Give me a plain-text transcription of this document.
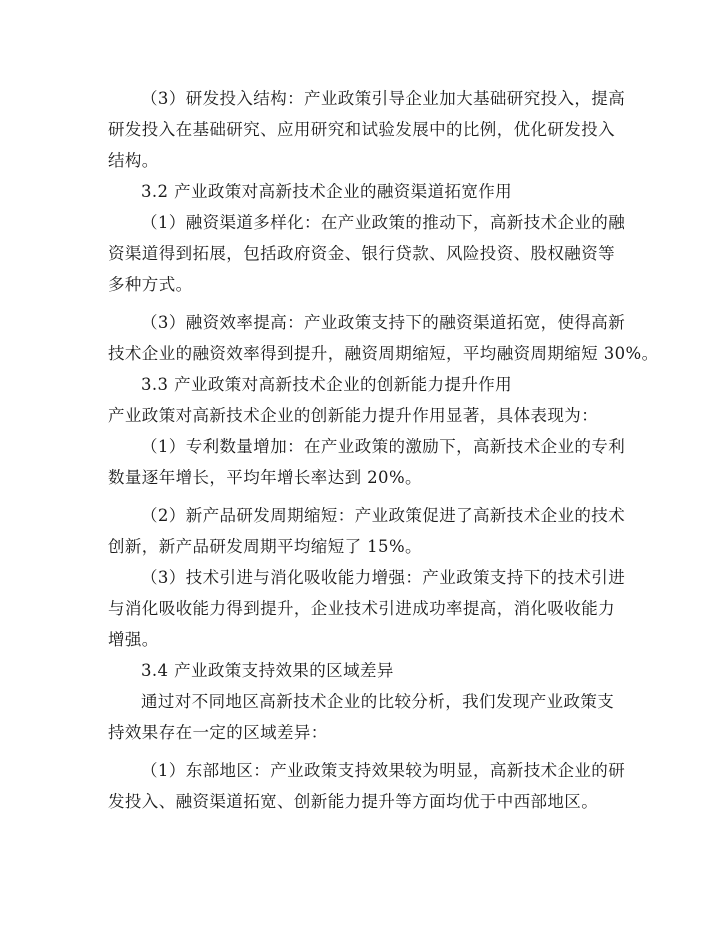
（3）研发投入结构：产业政策引导企业加大基础研究投入，提高
研发投入在基础研究、应用研究和试验发展中的比例，优化研发投入
结构。
3.2 产业政策对高新技术企业的融资渠道拓宽作用
（1）融资渠道多样化：在产业政策的推动下，高新技术企业的融
资渠道得到拓展，包括政府资金、银行贷款、风险投资、股权融资等
多种方式。
（3）融资效率提高：产业政策支持下的融资渠道拓宽，使得高新
技术企业的融资效率得到提升，融资周期缩短，平均融资周期缩短 30%。
3.3 产业政策对高新技术企业的创新能力提升作用
产业政策对高新技术企业的创新能力提升作用显著，具体表现为：
（1）专利数量增加：在产业政策的激励下，高新技术企业的专利
数量逐年增长，平均年增长率达到 20%。
（2）新产品研发周期缩短：产业政策促进了高新技术企业的技术
创新，新产品研发周期平均缩短了 15%。
（3）技术引进与消化吸收能力增强：产业政策支持下的技术引进
与消化吸收能力得到提升，企业技术引进成功率提高，消化吸收能力
增强。
3.4 产业政策支持效果的区域差异
通过对不同地区高新技术企业的比较分析，我们发现产业政策支
持效果存在一定的区域差异：
（1）东部地区：产业政策支持效果较为明显，高新技术企业的研
发投入、融资渠道拓宽、创新能力提升等方面均优于中西部地区。
